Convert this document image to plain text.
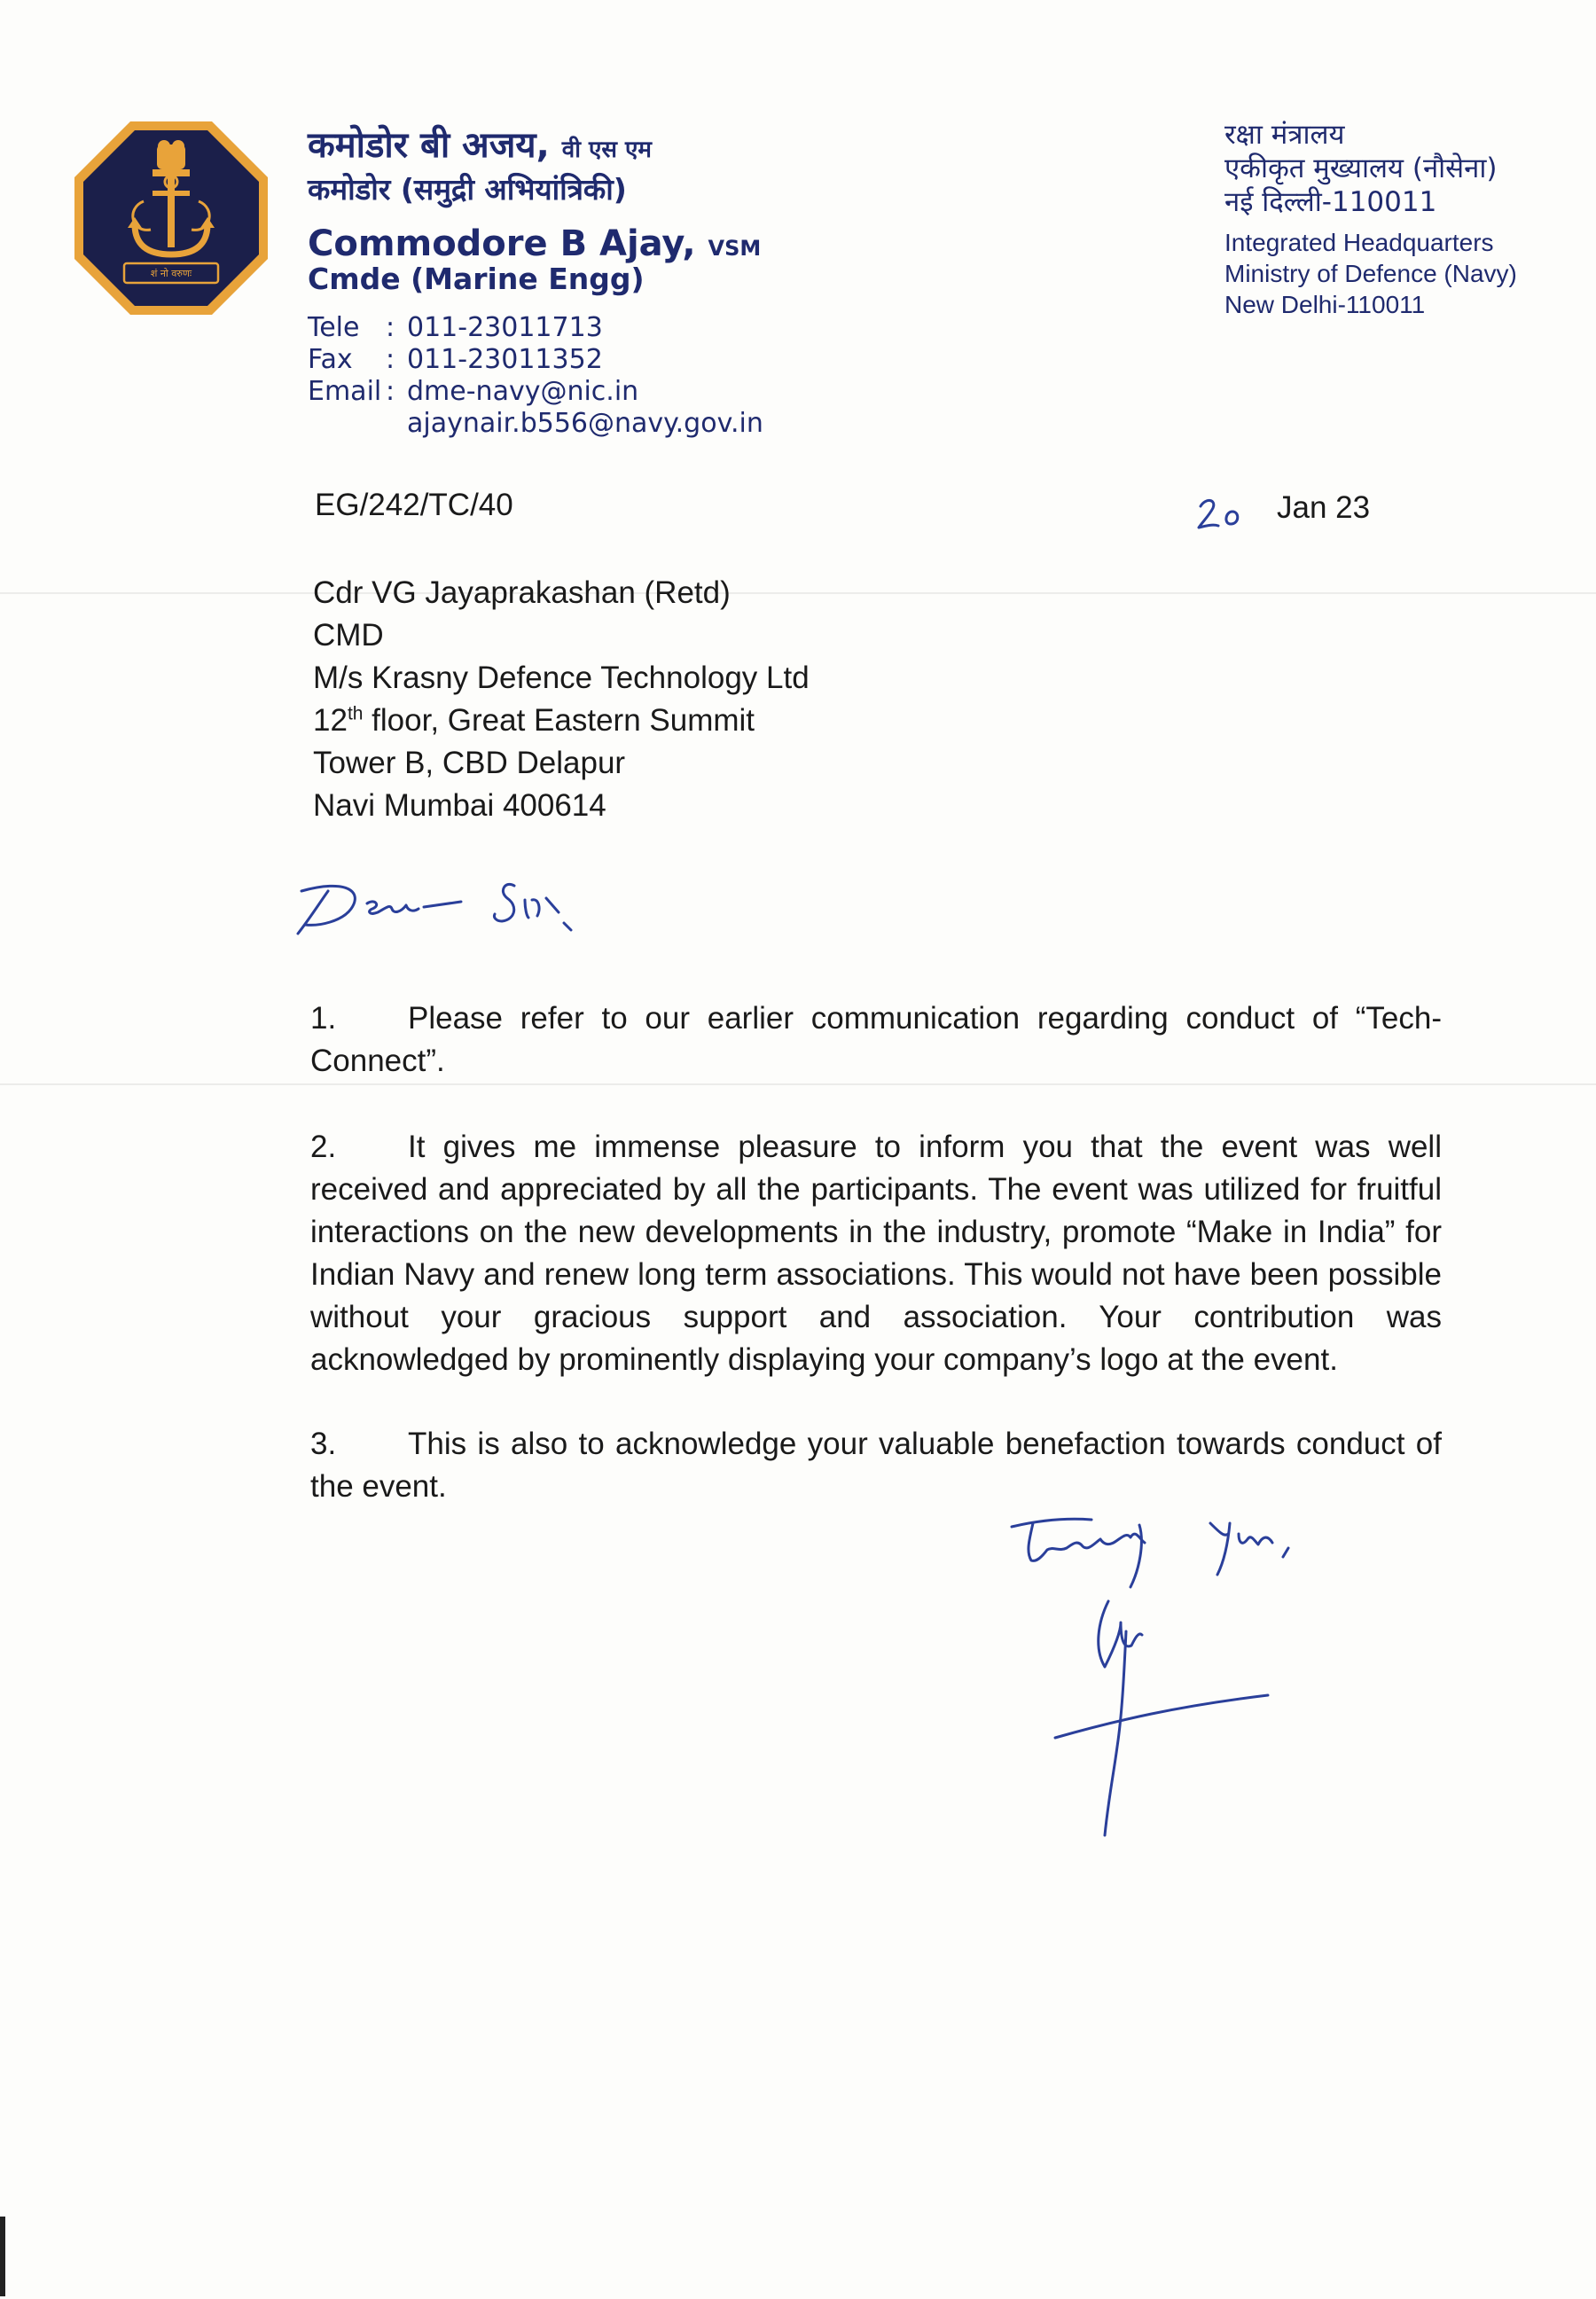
शं नो वरुणः
कमोडोर बी अजय, वी एस एम
कमोडोर (समुद्री अभियांत्रिकी)
Commodore B Ajay, VSM
Cmde (Marine Engg)
Tele : 011-23011713
Fax : 011-23011352
Email : dme-navy@nic.in
ajaynair.b556@navy.gov.in
रक्षा मंत्रालय
एकीकृत मुख्यालय (नौसेना)
नई दिल्ली-110011
Integrated Headquarters
Ministry of Defence (Navy)
New Delhi-110011
EG/242/TC/40	Jan 23
Cdr VG Jayaprakashan (Retd)
CMD
M/s Krasny Defence Technology Ltd
12th floor, Great Eastern Summit
Tower B, CBD Delapur
Navi Mumbai 400614
1. Please refer to our earlier communication regarding conduct of “Tech-Connect”.
2. It gives me immense pleasure to inform you that the event was well received and appreciated by all the participants. The event was utilized for fruitful interactions on the new developments in the industry, promote “Make in India” for Indian Navy and renew long term associations. This would not have been possible without your gracious support and association. Your contribution was acknowledged by prominently displaying your company’s logo at the event.
3. This is also to acknowledge your valuable benefaction towards conduct of the event.
